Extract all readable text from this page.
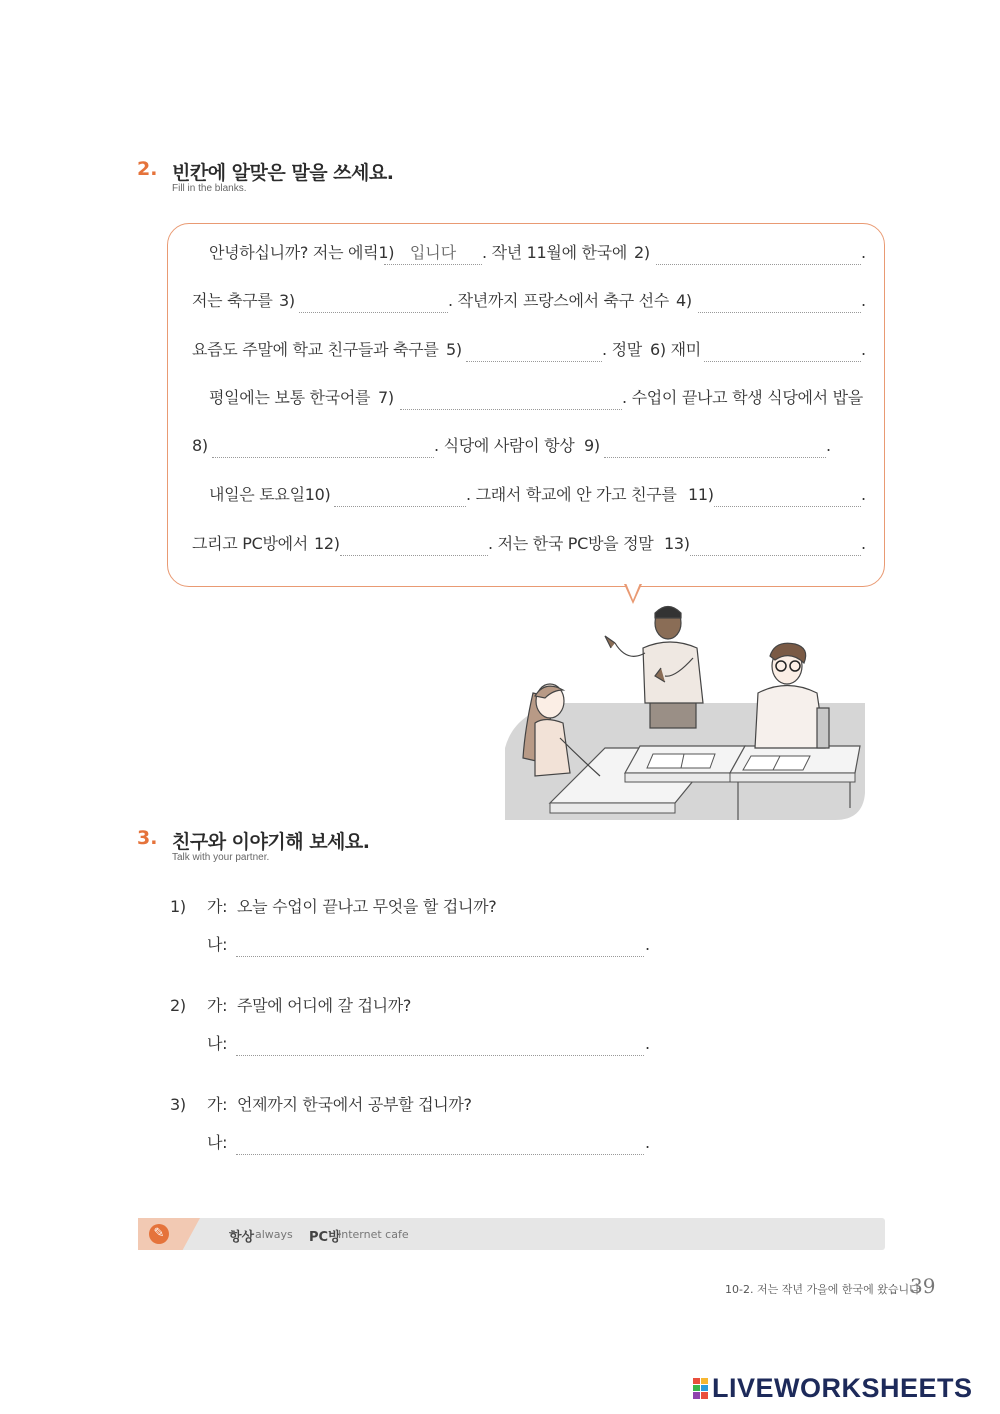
2. 빈칸에 알맞은 말을 쓰세요.
Fill in the blanks.
안녕하십니까? 저는 에릭1) 입니다	. 작년 11월에 한국에 2)	.
저는 축구를 3)	. 작년까지 프랑스에서 축구 선수 4)	.
요즘도 주말에 학교 친구들과 축구를 5)	. 정말 6) 재미	.
평일에는 보통 한국어를 7)	. 수업이 끝나고 학생 식당에서 밥을
8)	. 식당에 사람이 항상 9)	.
내일은 토요일10)	. 그래서 학교에 안 가고 친구를 11)	.
그리고 PC방에서 12)	. 저는 한국 PC방을 정말 13)	.
3. 친구와 이야기해 보세요.
Talk with your partner.
1) 가: 오늘 수업이 끝나고 무엇을 할 겁니까?
나:	.
2) 가: 주말에 어디에 갈 겁니까?
나:	.
3) 가: 언제까지 한국에서 공부할 겁니까?
나:	.
✎	항상 always PC방
Internet cafe
10-2. 저는 작년 가을에 한국에 왔습니다
39
LIVEWORKSHEETS
